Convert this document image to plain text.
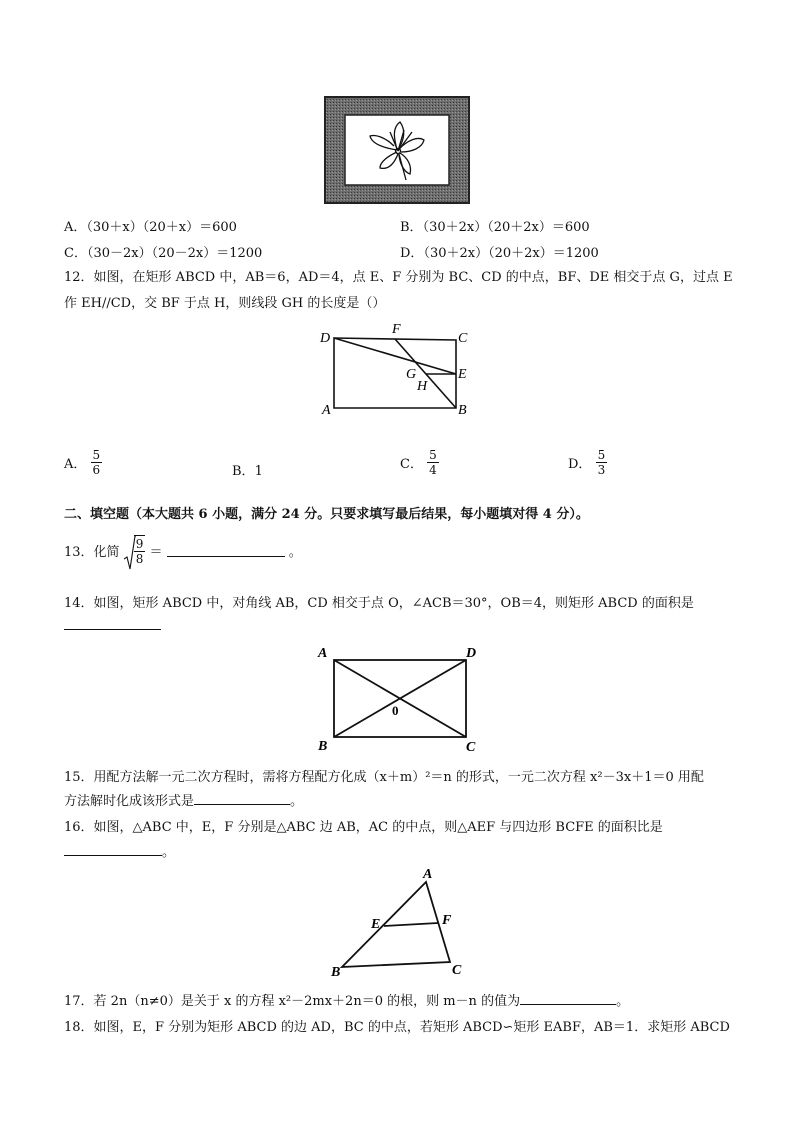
A．（30＋x）（20＋x）＝600	B．（30＋2x）（20＋2x）＝600
C．（30－2x）（20－2x）＝1200	D．（30＋2x）（20＋2x）＝1200
12．如图，在矩形 ABCD 中，AB＝6，AD＝4，点 E、F 分别为 BC、CD 的中点，BF、DE 相交于点 G，过点 E
作 EH//CD，交 BF 于点 H，则线段 GH 的长度是（）
D
F
C
G	E
H
A	B
A． $\frac{5}{6}$	B．1	C． $\frac{5}{4}$	D． $\frac{5}{3}$
二、填空题（本大题共 6 小题，满分 24 分。只要求填写最后结果，每小题填对得 4 分）。
13．化简 $\frac{9}{8}$ ＝	。
14．如图，矩形 ABCD 中，对角线 AB，CD 相交于点 O，∠ACB＝30°，OB＝4，则矩形 ABCD 的面积是
A	D
0
B	C
15．用配方法解一元二次方程时，需将方程配方化成（x＋m）²＝n 的形式，一元二次方程 x²－3x＋1＝0 用配
方法解时化成该形式是	。
16．如图，△ABC 中，E，F 分别是△ABC 边 AB，AC 的中点，则△AEF 与四边形 BCFE 的面积比是
。
A
E	F
B	C
17．若 2n（n≠0）是关于 x 的方程 x²－2mx＋2n＝0 的根，则 m－n 的值为	。
18．如图，E，F 分别为矩形 ABCD 的边 AD，BC 的中点，若矩形 ABCD∽矩形 EABF，AB＝1．求矩形 ABCD
